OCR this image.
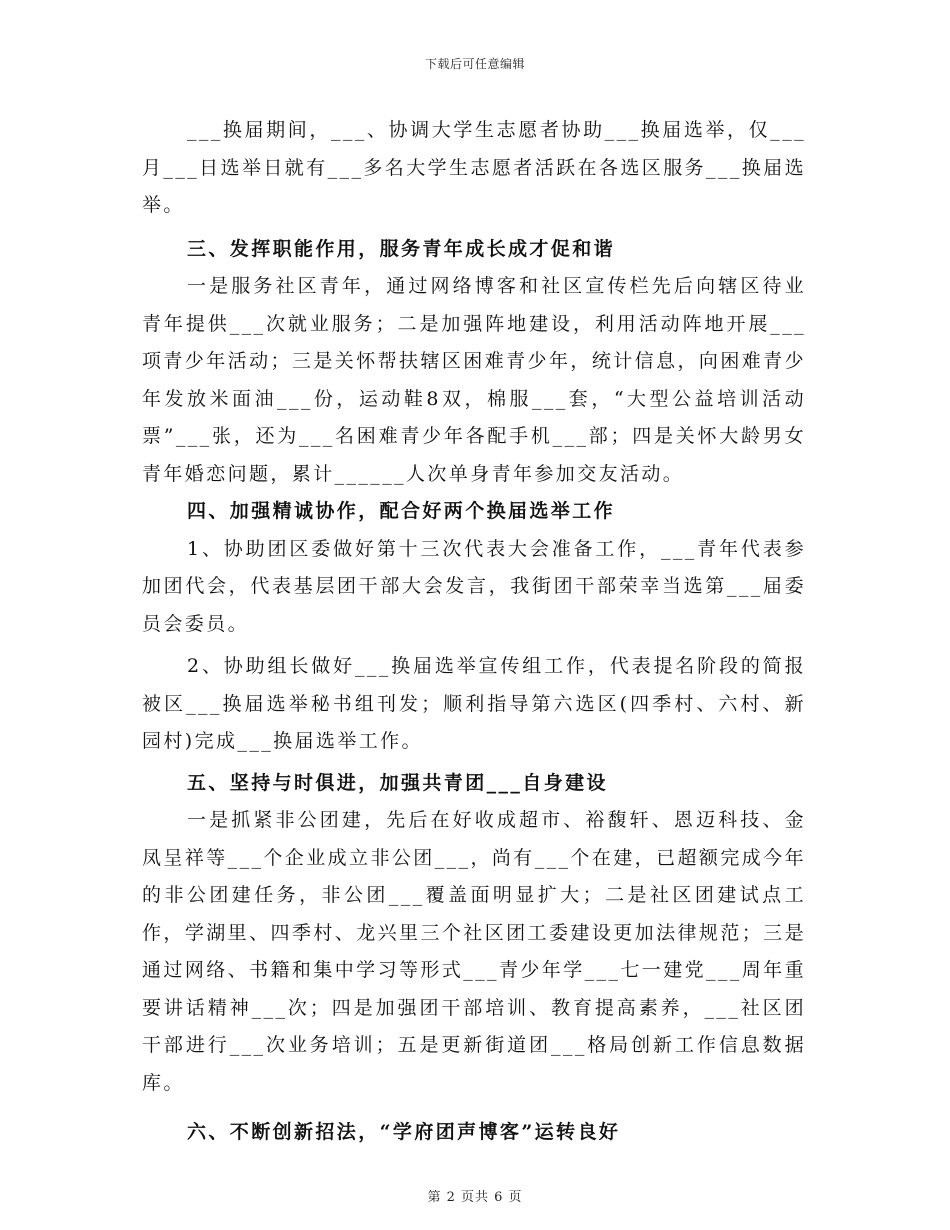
下载后可任意编辑

___换届期间，___、协调大学生志愿者协助___换届选举，仅___月___日选举日就有___多名大学生志愿者活跃在各选区服务___换届选举。

三、发挥职能作用，服务青年成长成才促和谐

一是服务社区青年，通过网络博客和社区宣传栏先后向辖区待业青年提供___次就业服务；二是加强阵地建设，利用活动阵地开展___项青少年活动；三是关怀帮扶辖区困难青少年，统计信息，向困难青少年发放米面油___份，运动鞋8双，棉服___套，“大型公益培训活动票”___张，还为___名困难青少年各配手机___部；四是关怀大龄男女青年婚恋问题，累计______人次单身青年参加交友活动。

四、加强精诚协作，配合好两个换届选举工作

1、协助团区委做好第十三次代表大会准备工作，___青年代表参加团代会，代表基层团干部大会发言，我街团干部荣幸当选第___届委员会委员。

2、协助组长做好___换届选举宣传组工作，代表提名阶段的简报被区___换届选举秘书组刊发；顺利指导第六选区(四季村、六村、新园村)完成___换届选举工作。

五、坚持与时俱进，加强共青团___自身建设

一是抓紧非公团建，先后在好收成超市、裕馥轩、恩迈科技、金凤呈祥等___个企业成立非公团___，尚有___个在建，已超额完成今年的非公团建任务，非公团___覆盖面明显扩大；二是社区团建试点工作，学湖里、四季村、龙兴里三个社区团工委建设更加法律规范；三是通过网络、书籍和集中学习等形式___青少年学___七一建党___周年重要讲话精神___次；四是加强团干部培训、教育提高素养，___社区团干部进行___次业务培训；五是更新街道团___格局创新工作信息数据库。

六、不断创新招法，“学府团声博客”运转良好

第 2 页共 6 页
